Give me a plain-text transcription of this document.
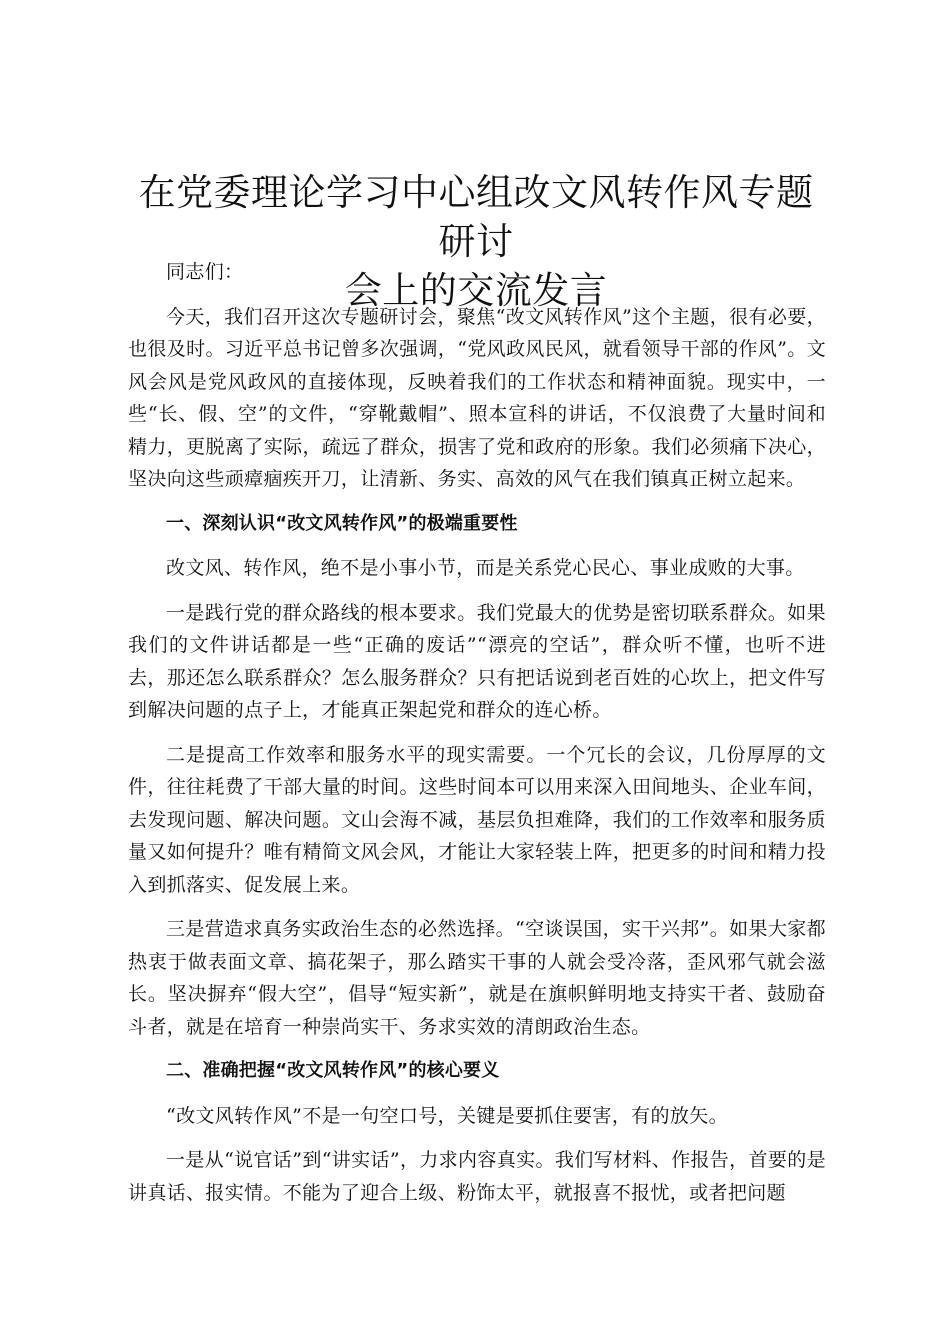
在党委理论学习中心组改文风转作风专题研讨
会上的交流发言

同志们：

今天，我们召开这次专题研讨会，聚焦“改文风转作风”这个主题，很有必要，也很及时。习近平总书记曾多次强调，“党风政风民风，就看领导干部的作风”。文风会风是党风政风的直接体现，反映着我们的工作状态和精神面貌。现实中，一些“长、假、空”的文件，“穿靴戴帽”、照本宣科的讲话，不仅浪费了大量时间和精力，更脱离了实际，疏远了群众，损害了党和政府的形象。我们必须痛下决心，坚决向这些顽瘴痼疾开刀，让清新、务实、高效的风气在我们镇真正树立起来。

一、深刻认识“改文风转作风”的极端重要性

改文风、转作风，绝不是小事小节，而是关系党心民心、事业成败的大事。

一是践行党的群众路线的根本要求。我们党最大的优势是密切联系群众。如果我们的文件讲话都是一些“正确的废话”“漂亮的空话”，群众听不懂，也听不进去，那还怎么联系群众？怎么服务群众？只有把话说到老百姓的心坎上，把文件写到解决问题的点子上，才能真正架起党和群众的连心桥。

二是提高工作效率和服务水平的现实需要。一个冗长的会议，几份厚厚的文件，往往耗费了干部大量的时间。这些时间本可以用来深入田间地头、企业车间，去发现问题、解决问题。文山会海不减，基层负担难降，我们的工作效率和服务质量又如何提升？唯有精简文风会风，才能让大家轻装上阵，把更多的时间和精力投入到抓落实、促发展上来。

三是营造求真务实政治生态的必然选择。“空谈误国，实干兴邦”。如果大家都热衷于做表面文章、搞花架子，那么踏实干事的人就会受冷落，歪风邪气就会滋长。坚决摒弃“假大空”，倡导“短实新”，就是在旗帜鲜明地支持实干者、鼓励奋斗者，就是在培育一种崇尚实干、务求实效的清朗政治生态。

二、准确把握“改文风转作风”的核心要义

“改文风转作风”不是一句空口号，关键是要抓住要害，有的放矢。

一是从“说官话”到“讲实话”，力求内容真实。我们写材料、作报告，首要的是讲真话、报实情。不能为了迎合上级、粉饰太平，就报喜不报忧，或者把问题
